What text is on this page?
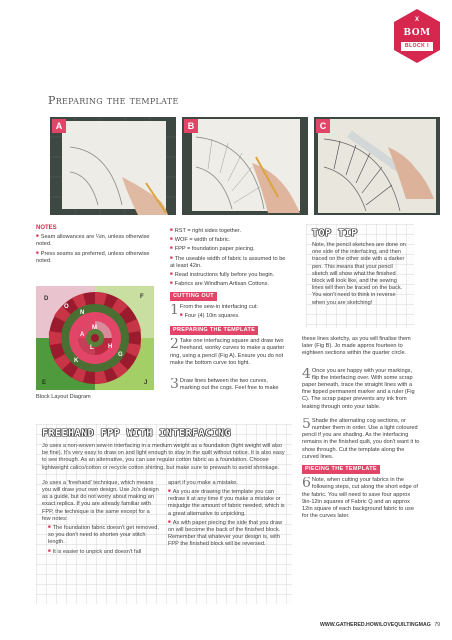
X
BOM
BLOCK I
Preparing the template
A	B	C
NOTES
■ Seam allowances are ¼in, unless otherwise noted.
■ Press seams as preferred, unless otherwise noted.
■ RST = right sides together.
■ WOF = width of fabric.
■ FPP = foundation paper piecing.
■ The useable width of fabric is assumed to be at least 42in.
■ Read instructions fully before you begin.
■ Fabrics are Windham Artisan Cottons.
CUTTING OUT
1 From the sew-in interfacing cut:
■ Four (4) 10in squares.
PREPARING THE TEMPLATE
2 Take one interfacing square and draw two freehand, wonky curves to make a quarter ring, using a pencil (Fig A). Ensure you do not make the bottom curve too tight.
3 Draw lines between the two curves, marking out the cogs. Feel free to make
TOP TIP
Note, the pencil sketches are done on one side of the interfacing, and then traced on the other side with a darker pen. This means that your pencil sketch will show what the finished block will look like, and the sewing lines will then be traced on the back. You won't need to think in reverse when you are sketching!
these lines sketchy, as you will finalise them later (Fig B). Jo made approx fourteen to eighteen sections within the quarter circle.
4 Once you are happy with your markings, flip the interfacing over. With some scrap paper beneath, trace the straight lines with a fine tipped permanent marker and a ruler (Fig C). The scrap paper prevents any ink from leaking through onto your table.
5 Shade the alternating cog sections, or number them in order. Use a light coloured pencil if you are shading. As the interfacing remains in the finished quilt, you don't want it to show through. Cut the template along the curved lines.
PIECING THE TEMPLATE
6 Note, when cutting your fabrics in the following steps, cut along the short edge of the fabric. You will need to save four approx 9in-12in squares of Fabric Q and an approx 12in square of each background fabric to use for the curves later.
D	F
E	J
O
N
M
A
K
L H
G
Block Layout Diagram
FREEHAND FPP WITH INTERFACING
Jo uses a non-woven sew-in interfacing in a medium weight as a foundation (light weight will also be fine). It's very easy to draw on and light enough to stay in the quilt without notice. It is also easy to see through. As an alternative, you can use regular cotton fabric as a foundation. Choose lightweight calico/cotton or recycle cotton shirting, but make sure to prewash to avoid shrinkage.
Jo uses a 'freehand' technique, which means you will draw your own design. Use Jo's design as a guide, but do not worry about making an exact replica. If you are already familiar with FPP, the technique is the same except for a few notes:
■ The foundation fabric doesn't get removed, so you don't need to shorten your stitch length.
■ It is easier to unpick and doesn't fall
apart if you make a mistake.
■ As you are drawing the template you can redraw it at any time if you make a mistake or misjudge the amount of fabric needed, which is a great alternative to unpicking.
■ As with paper piecing the side that you draw on will become the back of the finished block. Remember that whatever your design is, with FPP the finished block will be reversed.
WWW.GATHERED.HOW/LOVEQUILTINGMAG 79
